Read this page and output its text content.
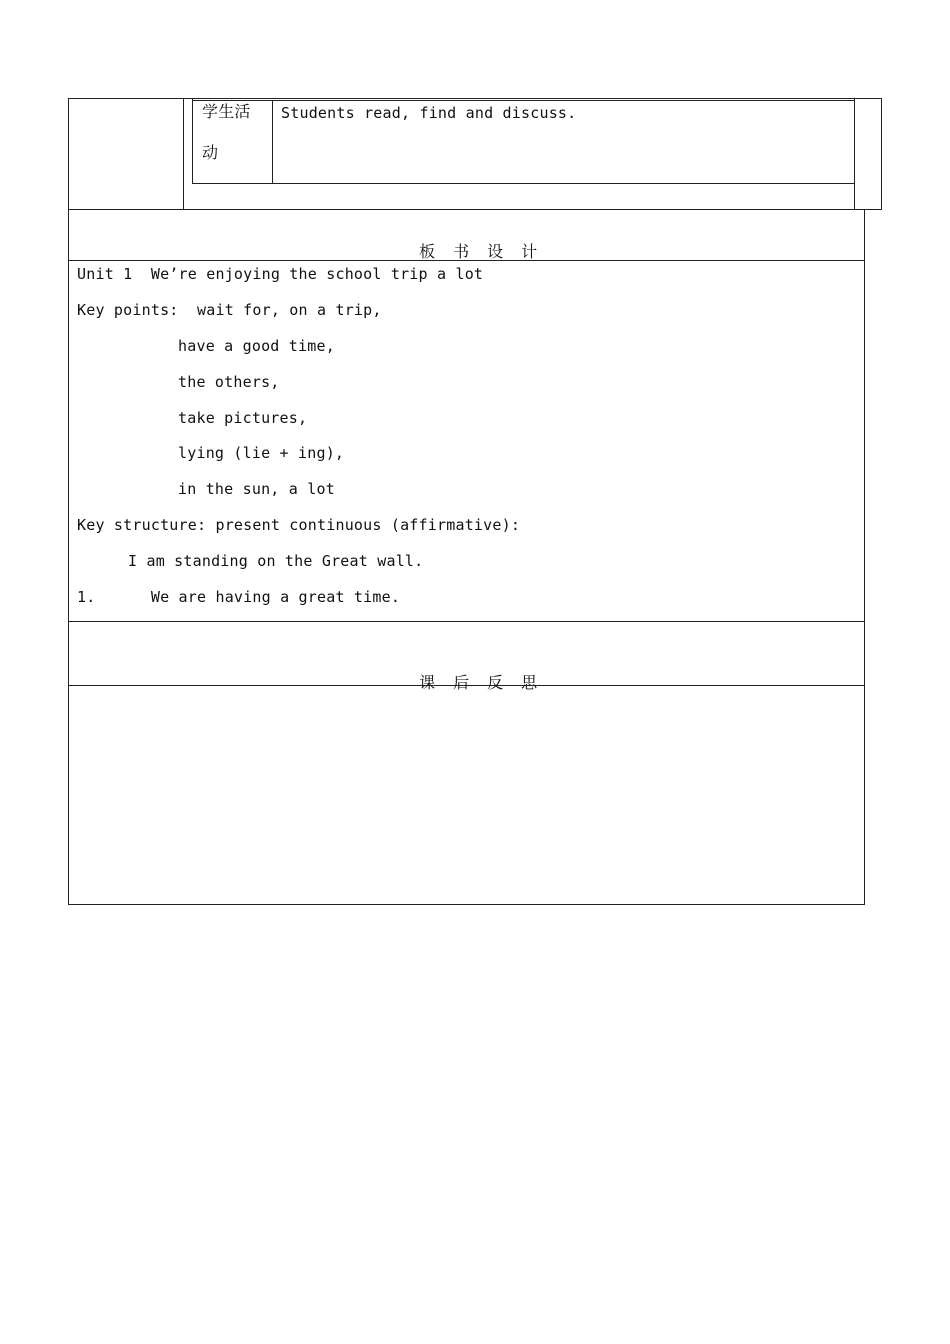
学生活
动
Students read, find and discuss.

板 书 设 计

Unit 1  We’re enjoying the school trip a lot
Key points:  wait for, on a trip,
have a good time,
the others,
take pictures,
lying (lie + ing),
in the sun, a lot
Key structure: present continuous (affirmative):
I am standing on the Great wall.
1.      We are having a great time.

课 后 反 思
